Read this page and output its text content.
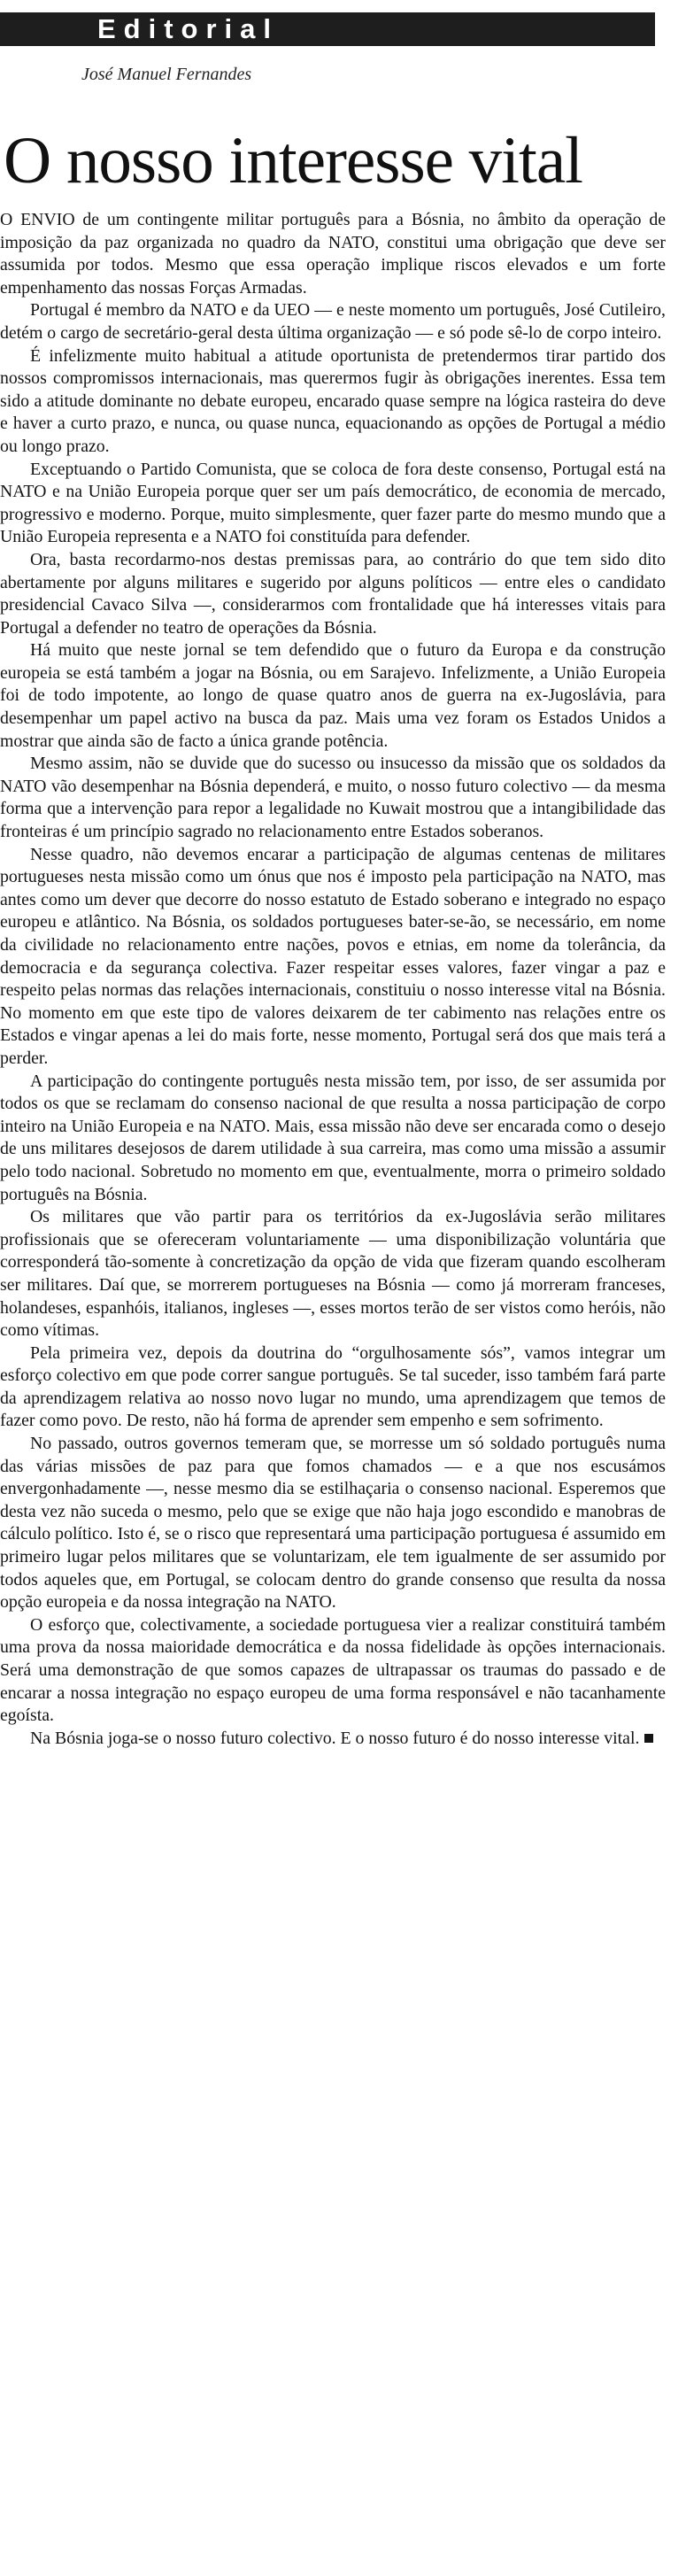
Editorial
José Manuel Fernandes
O nosso interesse vital

O ENVIO de um contingente militar português para a Bósnia, no âmbito da operação de imposição da paz organizada no quadro da NATO, constitui uma obrigação que deve ser assumida por todos. Mesmo que essa operação implique riscos elevados e um forte empenhamento das nossas Forças Armadas.

Portugal é membro da NATO e da UEO — e neste momento um português, José Cutileiro, detém o cargo de secretário-geral desta última organização — e só pode sê-lo de corpo inteiro.

É infelizmente muito habitual a atitude oportunista de pretendermos tirar partido dos nossos compromissos internacionais, mas querermos fugir às obrigações inerentes. Essa tem sido a atitude dominante no debate europeu, encarado quase sempre na lógica rasteira do deve e haver a curto prazo, e nunca, ou quase nunca, equacionando as opções de Portugal a médio ou longo prazo.

Exceptuando o Partido Comunista, que se coloca de fora deste consenso, Portugal está na NATO e na União Europeia porque quer ser um país democrático, de economia de mercado, progressivo e moderno. Porque, muito simplesmente, quer fazer parte do mesmo mundo que a União Europeia representa e a NATO foi constituída para defender.

Ora, basta recordarmo-nos destas premissas para, ao contrário do que tem sido dito abertamente por alguns militares e sugerido por alguns políticos — entre eles o candidato presidencial Cavaco Silva —, considerarmos com frontalidade que há interesses vitais para Portugal a defender no teatro de operações da Bósnia.

Há muito que neste jornal se tem defendido que o futuro da Europa e da construção europeia se está também a jogar na Bósnia, ou em Sarajevo. Infelizmente, a União Europeia foi de todo impotente, ao longo de quase quatro anos de guerra na ex-Jugoslávia, para desempenhar um papel activo na busca da paz. Mais uma vez foram os Estados Unidos a mostrar que ainda são de facto a única grande potência.

Mesmo assim, não se duvide que do sucesso ou insucesso da missão que os soldados da NATO vão desempenhar na Bósnia dependerá, e muito, o nosso futuro colectivo — da mesma forma que a intervenção para repor a legalidade no Kuwait mostrou que a intangibilidade das fronteiras é um princípio sagrado no relacionamento entre Estados soberanos.

Nesse quadro, não devemos encarar a participação de algumas centenas de militares portugueses nesta missão como um ónus que nos é imposto pela participação na NATO, mas antes como um dever que decorre do nosso estatuto de Estado soberano e integrado no espaço europeu e atlântico. Na Bósnia, os soldados portugueses bater-se-ão, se necessário, em nome da civilidade no relacionamento entre nações, povos e etnias, em nome da tolerância, da democracia e da segurança colectiva. Fazer respeitar esses valores, fazer vingar a paz e respeito pelas normas das relações internacionais, constituiu o nosso interesse vital na Bósnia. No momento em que este tipo de valores deixarem de ter cabimento nas relações entre os Estados e vingar apenas a lei do mais forte, nesse momento, Portugal será dos que mais terá a perder.

A participação do contingente português nesta missão tem, por isso, de ser assumida por todos os que se reclamam do consenso nacional de que resulta a nossa participação de corpo inteiro na União Europeia e na NATO. Mais, essa missão não deve ser encarada como o desejo de uns militares desejosos de darem utilidade à sua carreira, mas como uma missão a assumir pelo todo nacional. Sobretudo no momento em que, eventualmente, morra o primeiro soldado português na Bósnia.

Os militares que vão partir para os territórios da ex-Jugoslávia serão militares profissionais que se ofereceram voluntariamente — uma disponibilização voluntária que corresponderá tão-somente à concretização da opção de vida que fizeram quando escolheram ser militares. Daí que, se morrerem portugueses na Bósnia — como já morreram franceses, holandeses, espanhóis, italianos, ingleses —, esses mortos terão de ser vistos como heróis, não como vítimas.

Pela primeira vez, depois da doutrina do “orgulhosamente sós”, vamos integrar um esforço colectivo em que pode correr sangue português. Se tal suceder, isso também fará parte da aprendizagem relativa ao nosso novo lugar no mundo, uma aprendizagem que temos de fazer como povo. De resto, não há forma de aprender sem empenho e sem sofrimento.

No passado, outros governos temeram que, se morresse um só soldado português numa das várias missões de paz para que fomos chamados — e a que nos escusámos envergonhadamente —, nesse mesmo dia se estilhaçaria o consenso nacional. Esperemos que desta vez não suceda o mesmo, pelo que se exige que não haja jogo escondido e manobras de cálculo político. Isto é, se o risco que representará uma participação portuguesa é assumido em primeiro lugar pelos militares que se voluntarizam, ele tem igualmente de ser assumido por todos aqueles que, em Portugal, se colocam dentro do grande consenso que resulta da nossa opção europeia e da nossa integração na NATO.

O esforço que, colectivamente, a sociedade portuguesa vier a realizar constituirá também uma prova da nossa maioridade democrática e da nossa fidelidade às opções internacionais. Será uma demonstração de que somos capazes de ultrapassar os traumas do passado e de encarar a nossa integração no espaço europeu de uma forma responsável e não tacanhamente egoísta.

Na Bósnia joga-se o nosso futuro colectivo. E o nosso futuro é do nosso interesse vital.
